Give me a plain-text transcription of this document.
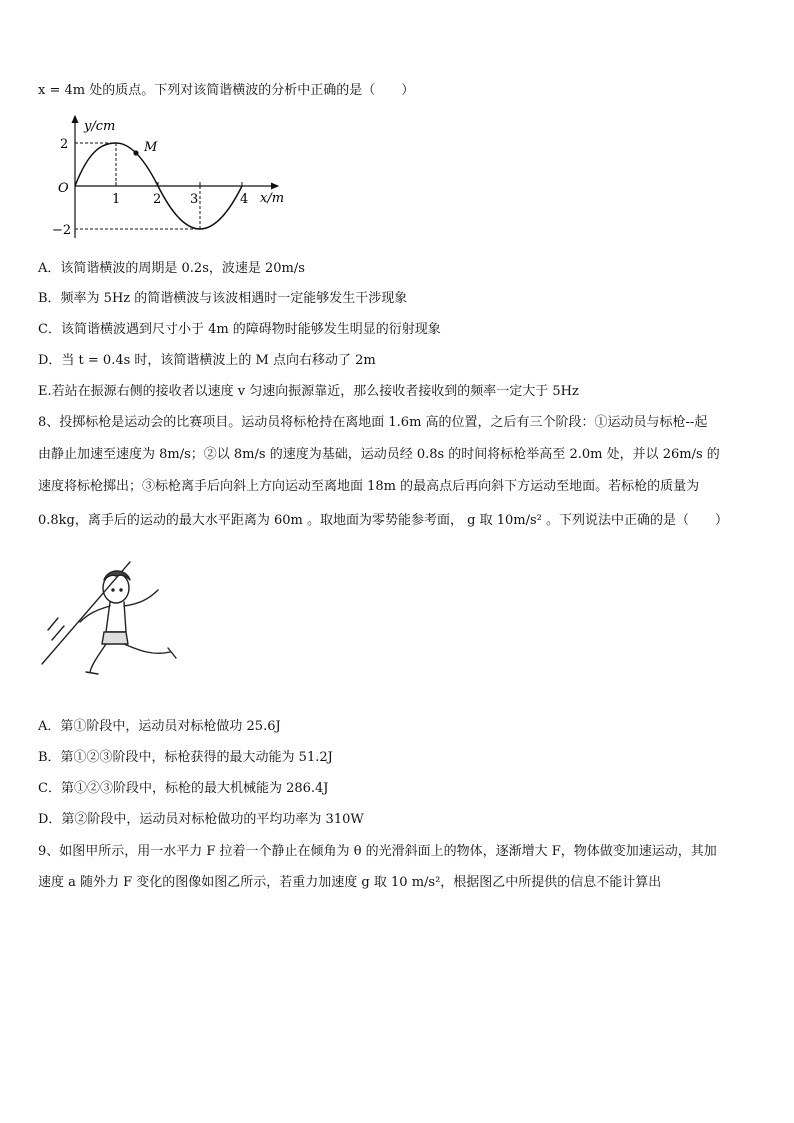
x = 4m 处的质点。下列对该简谐横波的分析中正确的是（　　）
y/cm
x/m
O
M
2
−2
1	2 3	4
A．该简谐横波的周期是 0.2s，波速是 20m/s
B．频率为 5Hz 的简谐横波与该波相遇时一定能够发生干涉现象
C．该简谐横波遇到尺寸小于 4m 的障碍物时能够发生明显的衍射现象
D．当 t = 0.4s 时，该简谐横波上的 M 点向右移动了 2m
E.若站在振源右侧的接收者以速度 v 匀速向振源靠近，那么接收者接收到的频率一定大于 5Hz
8、投掷标枪是运动会的比赛项目。运动员将标枪持在离地面 1.6m 高的位置，之后有三个阶段：①运动员与标枪--起
由静止加速至速度为 8m/s；②以 8m/s 的速度为基础，运动员经 0.8s 的时间将标枪举高至 2.0m 处，并以 26m/s 的
速度将标枪掷出；③标枪离手后向斜上方向运动至离地面 18m 的最高点后再向斜下方运动至地面。若标枪的质量为
0.8kg，离手后的运动的最大水平距离为 60m 。取地面为零势能参考面， g 取 10m/s² 。下列说法中正确的是（　　）
A．第①阶段中，运动员对标枪做功 25.6J
B．第①②③阶段中，标枪获得的最大动能为 51.2J
C．第①②③阶段中，标枪的最大机械能为 286.4J
D．第②阶段中，运动员对标枪做功的平均功率为 310W
9、如图甲所示，用一水平力 F 拉着一个静止在倾角为 θ 的光滑斜面上的物体，逐渐增大 F，物体做变加速运动，其加
速度 a 随外力 F 变化的图像如图乙所示，若重力加速度 g 取 10 m/s²，根据图乙中所提供的信息不能计算出
